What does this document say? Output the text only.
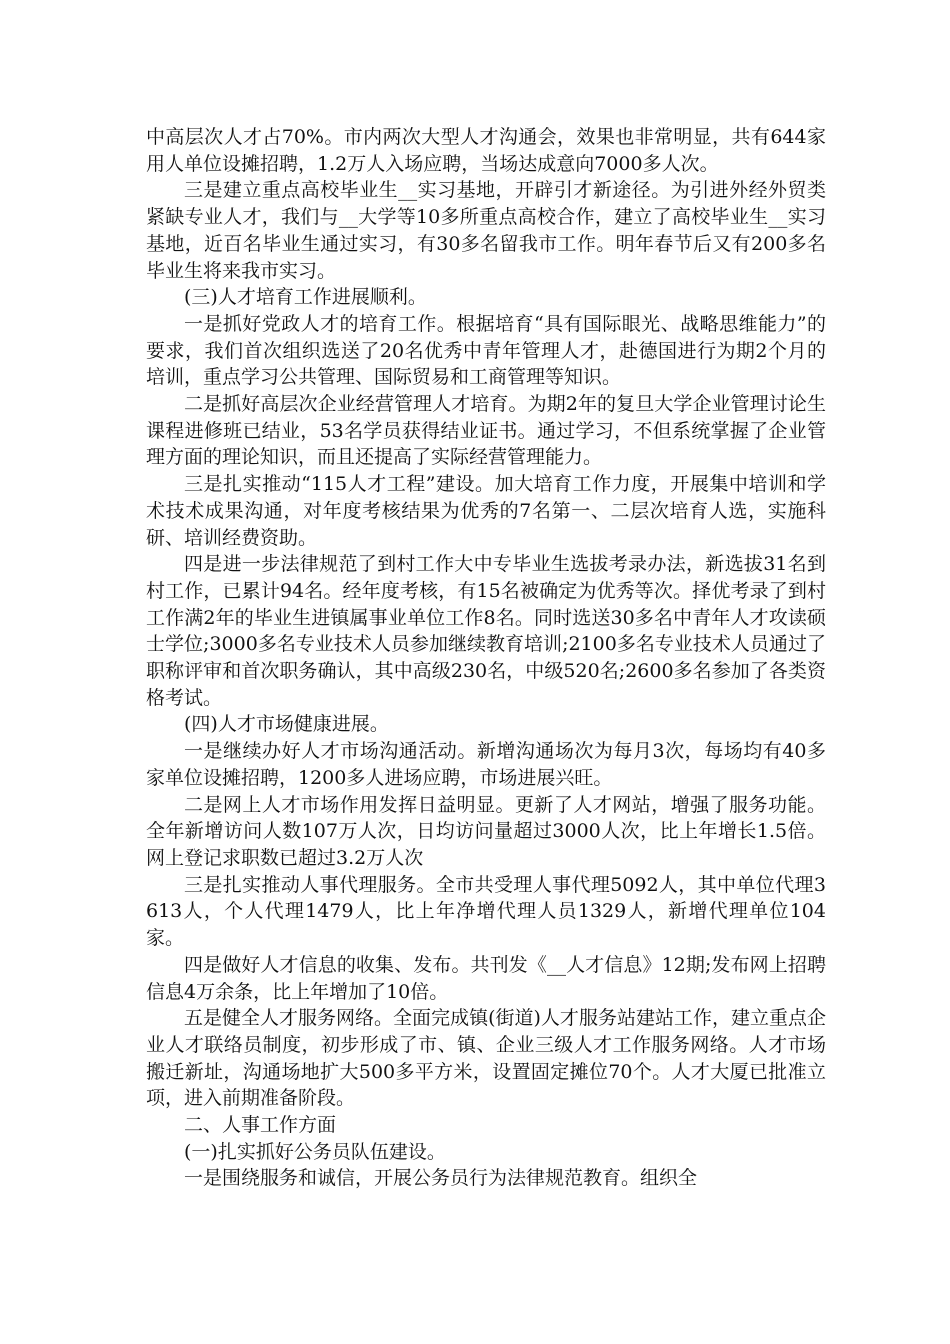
中高层次人才占70%。市内两次大型人才沟通会，效果也非常明显，共有644家用人单位设摊招聘，1.2万人入场应聘，当场达成意向7000多人次。

三是建立重点高校毕业生__实习基地，开辟引才新途径。为引进外经外贸类紧缺专业人才，我们与__大学等10多所重点高校合作，建立了高校毕业生__实习基地，近百名毕业生通过实习，有30多名留我市工作。明年春节后又有200多名毕业生将来我市实习。

(三)人才培育工作进展顺利。

一是抓好党政人才的培育工作。根据培育“具有国际眼光、战略思维能力”的要求，我们首次组织选送了20名优秀中青年管理人才，赴德国进行为期2个月的培训，重点学习公共管理、国际贸易和工商管理等知识。

二是抓好高层次企业经营管理人才培育。为期2年的复旦大学企业管理讨论生课程进修班已结业，53名学员获得结业证书。通过学习，不但系统掌握了企业管理方面的理论知识，而且还提高了实际经营管理能力。

三是扎实推动“115人才工程”建设。加大培育工作力度，开展集中培训和学术技术成果沟通，对年度考核结果为优秀的7名第一、二层次培育人选，实施科研、培训经费资助。

四是进一步法律规范了到村工作大中专毕业生选拔考录办法，新选拔31名到村工作，已累计94名。经年度考核，有15名被确定为优秀等次。择优考录了到村工作满2年的毕业生进镇属事业单位工作8名。同时选送30多名中青年人才攻读硕士学位;3000多名专业技术人员参加继续教育培训;2100多名专业技术人员通过了职称评审和首次职务确认，其中高级230名，中级520名;2600多名参加了各类资格考试。

(四)人才市场健康进展。

一是继续办好人才市场沟通活动。新增沟通场次为每月3次，每场均有40多家单位设摊招聘，1200多人进场应聘，市场进展兴旺。

二是网上人才市场作用发挥日益明显。更新了人才网站，增强了服务功能。全年新增访问人数107万人次，日均访问量超过3000人次，比上年增长1.5倍。网上登记求职数已超过3.2万人次

三是扎实推动人事代理服务。全市共受理人事代理5092人，其中单位代理3613人，个人代理1479人，比上年净增代理人员1329人，新增代理单位104家。

四是做好人才信息的收集、发布。共刊发《__人才信息》12期;发布网上招聘信息4万余条，比上年增加了10倍。

五是健全人才服务网络。全面完成镇(街道)人才服务站建站工作，建立重点企业人才联络员制度，初步形成了市、镇、企业三级人才工作服务网络。人才市场搬迁新址，沟通场地扩大500多平方米，设置固定摊位70个。人才大厦已批准立项，进入前期准备阶段。

二、人事工作方面

(一)扎实抓好公务员队伍建设。

一是围绕服务和诚信，开展公务员行为法律规范教育。组织全
